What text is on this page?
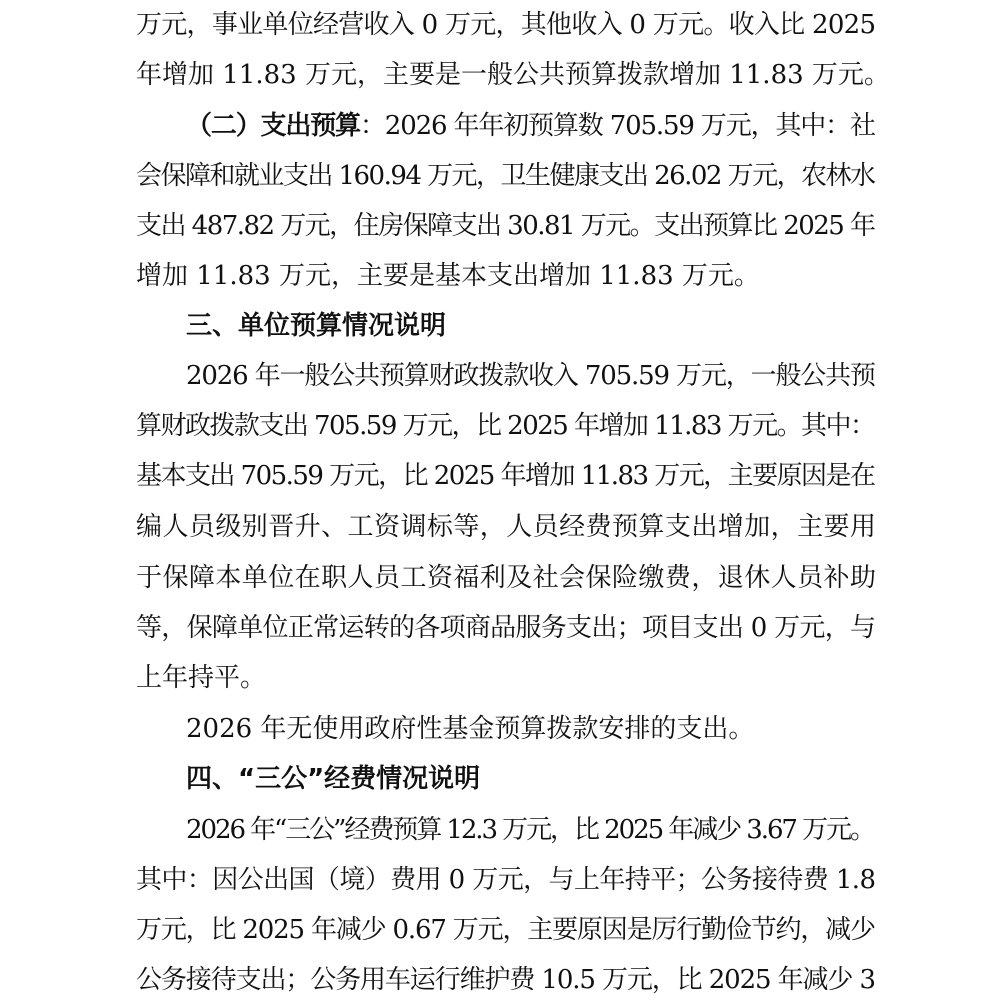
万元，事业单位经营收入 0 万元，其他收入 0 万元。收入比 2025
年增加 11.83 万元，主要是一般公共预算拨款增加 11.83 万元。
（二）支出预算：2026 年年初预算数 705.59 万元，其中：社
会保障和就业支出 160.94 万元，卫生健康支出 26.02 万元，农林水
支出 487.82 万元，住房保障支出 30.81 万元。支出预算比 2025 年
增加 11.83 万元，主要是基本支出增加 11.83 万元。
三、单位预算情况说明
2026 年一般公共预算财政拨款收入 705.59 万元，一般公共预
算财政拨款支出 705.59 万元，比 2025 年增加 11.83 万元。其中：
基本支出 705.59 万元，比 2025 年增加 11.83 万元，主要原因是在
编人员级别晋升、工资调标等，人员经费预算支出增加，主要用
于保障本单位在职人员工资福利及社会保险缴费，退休人员补助
等，保障单位正常运转的各项商品服务支出；项目支出 0 万元，与
上年持平。
2026 年无使用政府性基金预算拨款安排的支出。
四、“三公”经费情况说明
2026 年“三公”经费预算 12.3 万元，比 2025 年减少 3.67 万元。
其中：因公出国（境）费用 0 万元，与上年持平；公务接待费 1.8
万元，比 2025 年减少 0.67 万元，主要原因是厉行勤俭节约，减少
公务接待支出；公务用车运行维护费 10.5 万元，比 2025 年减少 3
